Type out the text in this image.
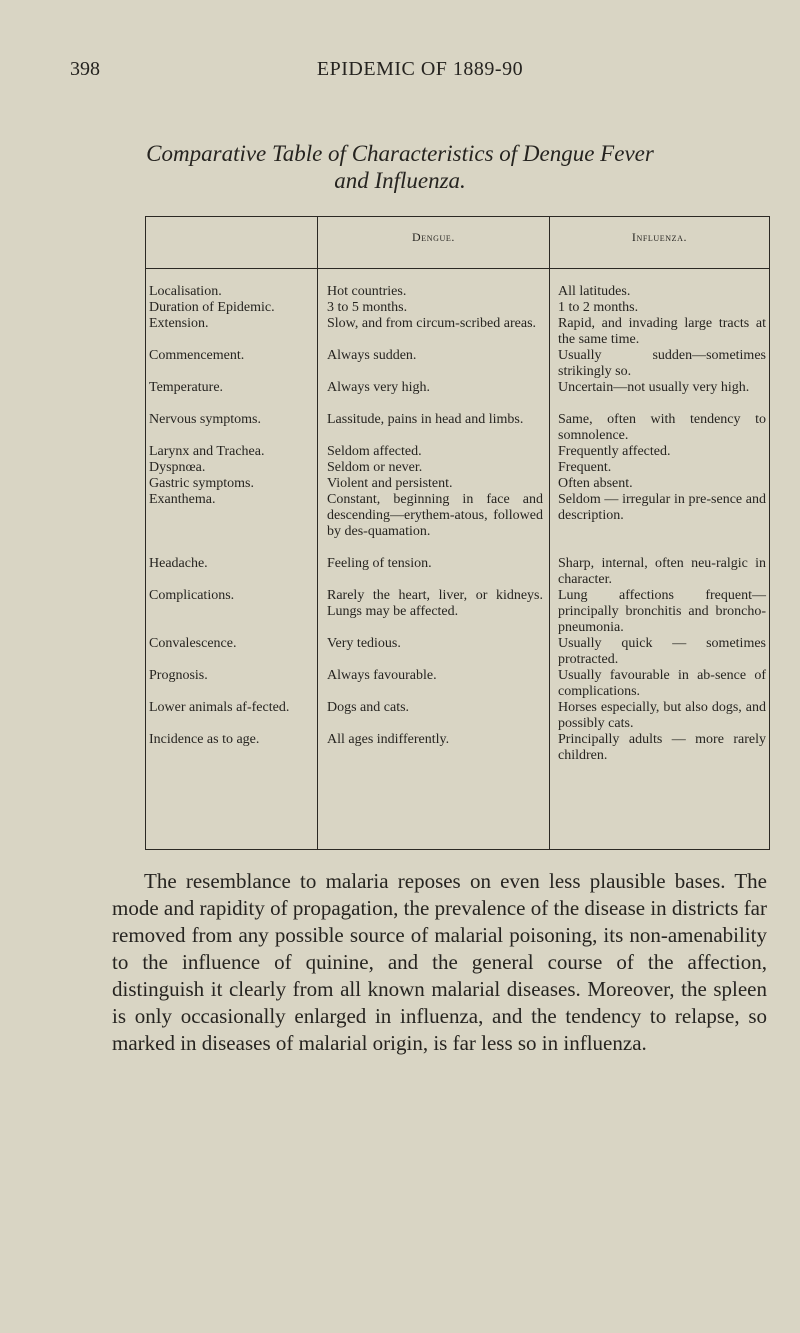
398	EPIDEMIC OF 1889-90
Comparative Table of Characteristics of Dengue Fever
and Influenza.
Dengue.	Influenza.

Localisation.

Duration of Epidemic.

Extension.

Commencement.

Temperature.

Nervous symptoms.

Larynx and Trachea.

Dyspnœa.

Gastric symptoms.

Exanthema.

Headache.

Complications.

Convalescence.

Prognosis.

Lower animals af-fected.

Incidence as to age.

Hot countries.

3 to 5 months.

Slow, and from circum-scribed areas.

Always sudden.

Always very high.

Lassitude, pains in head and limbs.

Seldom affected.

Seldom or never.

Violent and persistent.

Constant, beginning in face and descending—erythem-atous, followed by des-quamation.

Feeling of tension.

Rarely the heart, liver, or kidneys. Lungs may be affected.

Very tedious.

Always favourable.

Dogs and cats.

All ages indifferently.

All latitudes.

1 to 2 months.

Rapid, and invading large tracts at the same time.

Usually sudden—sometimes strikingly so.

Uncertain—not usually very high.

Same, often with tendency to somnolence.

Frequently affected.

Frequent.

Often absent.

Seldom — irregular in pre-sence and description.

Sharp, internal, often neu-ralgic in character.

Lung affections frequent—principally bronchitis and broncho-pneumonia.

Usually quick — sometimes protracted.

Usually favourable in ab-sence of complications.

Horses especially, but also dogs, and possibly cats.

Principally adults — more rarely children.

The resemblance to malaria reposes on even less plausible bases. The mode and rapidity of propagation, the prevalence of the disease in districts far removed from any possible source of malarial poisoning, its non-amenability to the influence of quinine, and the general course of the affection, distinguish it clearly from all known malarial diseases. Moreover, the spleen is only occasionally enlarged in influenza, and the tendency to relapse, so marked in diseases of malarial origin, is far less so in influenza.
